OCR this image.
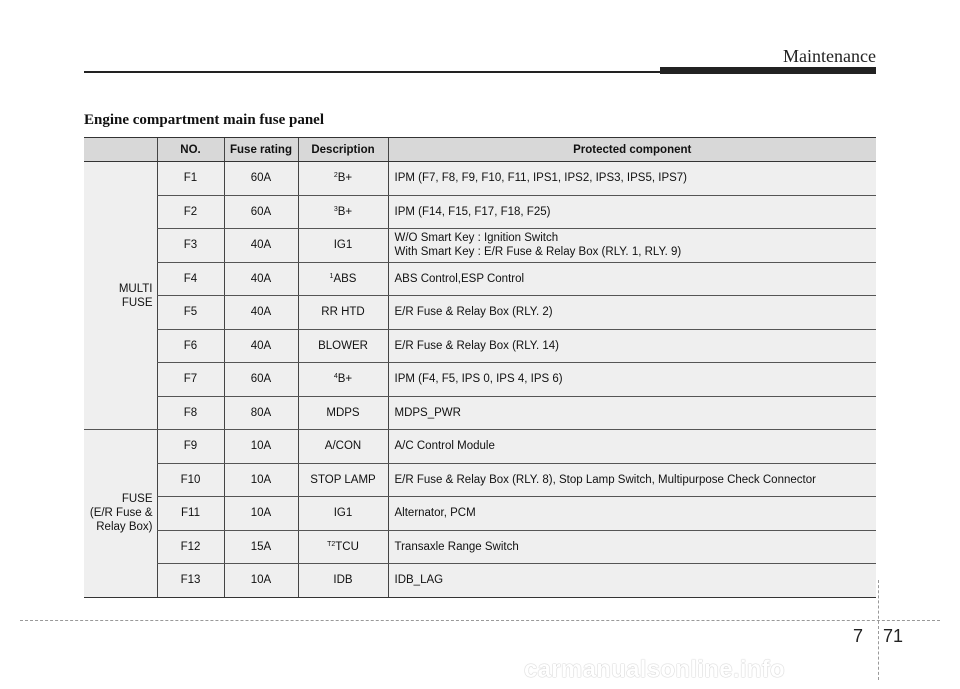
Maintenance
Engine compartment main fuse panel
	NO.	Fuse rating	Description	Protected component

MULTI
FUSE	F1	60A	$^2$B+	IPM (F7, F8, F9, F10, F11, IPS1, IPS2, IPS3, IPS5, IPS7)

	F2	60A	$^3$B+	IPM (F14, F15, F17, F18, F25)

	F3	40A	IG1	W/O Smart Key : Ignition Switch
With Smart Key : E/R Fuse & Relay Box (RLY. 1, RLY. 9)

	F4	40A	$^1$ABS	ABS Control,ESP Control

	F5	40A	RR HTD	E/R Fuse & Relay Box (RLY. 2)

	F6	40A	BLOWER	E/R Fuse & Relay Box (RLY. 14)

	F7	60A	$^4$B+	IPM (F4, F5, IPS 0, IPS 4, IPS 6)

	F8	80A	MDPS	MDPS_PWR

FUSE
(E/R Fuse &
Relay Box)	F9	10A	A/CON	A/C Control Module

	F10	10A	STOP LAMP	E/R Fuse & Relay Box (RLY. 8), Stop Lamp Switch, Multipurpose Check Connector

	F11	10A	IG1	Alternator, PCM

	F12	15A	$^{T2}$TCU	Transaxle Range Switch

	F13	10A	IDB	IDB_LAG
7 71
carmanualsonline.info
